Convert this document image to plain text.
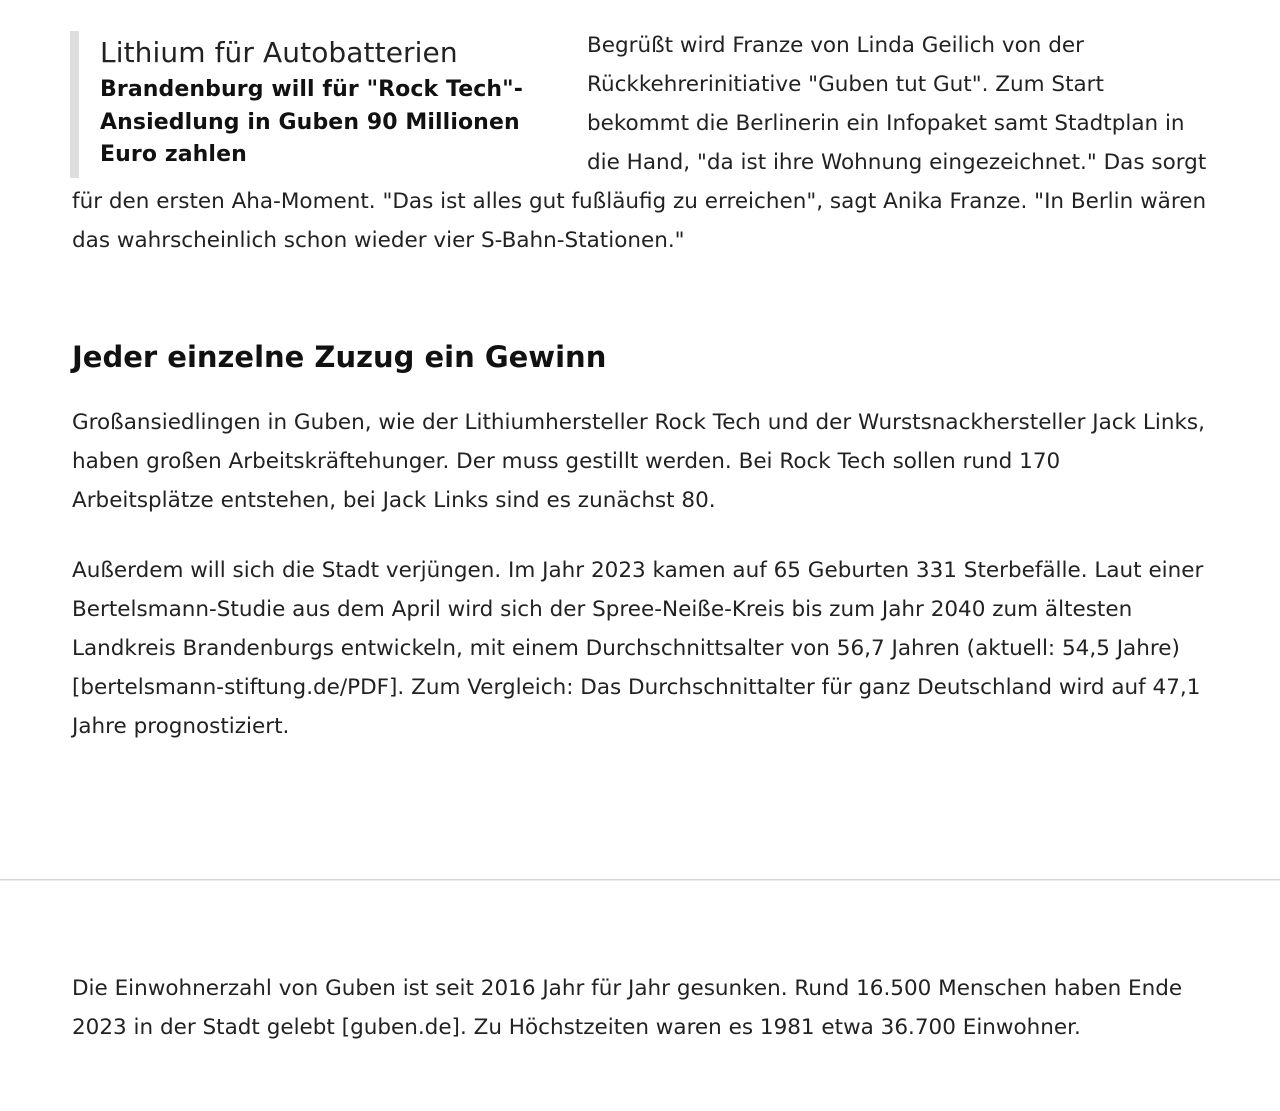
Lithium für Autobatterien
Brandenburg will für "Rock Tech"-Ansiedlung in Guben 90 Millionen Euro zahlen

Begrüßt wird Franze von Linda Geilich von der Rückkehrerinitiative "Guben tut Gut". Zum Start bekommt die Berlinerin ein Infopaket samt Stadtplan in die Hand, "da ist ihre Wohnung eingezeichnet." Das sorgt für den ersten Aha-Moment. "Das ist alles gut fußläufig zu erreichen", sagt Anika Franze. "In Berlin wären das wahrscheinlich schon wieder vier S-Bahn-Stationen."

Jeder einzelne Zuzug ein Gewinn

Großansiedlingen in Guben, wie der Lithiumhersteller Rock Tech und der Wurstsnackhersteller Jack Links, haben großen Arbeitskräftehunger. Der muss gestillt werden. Bei Rock Tech sollen rund 170 Arbeitsplätze entstehen, bei Jack Links sind es zunächst 80.

Außerdem will sich die Stadt verjüngen. Im Jahr 2023 kamen auf 65 Geburten 331 Sterbefälle. Laut einer Bertelsmann-Studie aus dem April wird sich der Spree-Neiße-Kreis bis zum Jahr 2040 zum ältesten Landkreis Brandenburgs entwickeln, mit einem Durchschnittsalter von 56,7 Jahren (aktuell: 54,5 Jahre) [bertelsmann-stiftung.de/PDF]. Zum Vergleich: Das Durchschnittalter für ganz Deutschland wird auf 47,1 Jahre prognostiziert.

Die Einwohnerzahl von Guben ist seit 2016 Jahr für Jahr gesunken. Rund 16.500 Menschen haben Ende 2023 in der Stadt gelebt [guben.de]. Zu Höchstzeiten waren es 1981 etwa 36.700 Einwohner.
